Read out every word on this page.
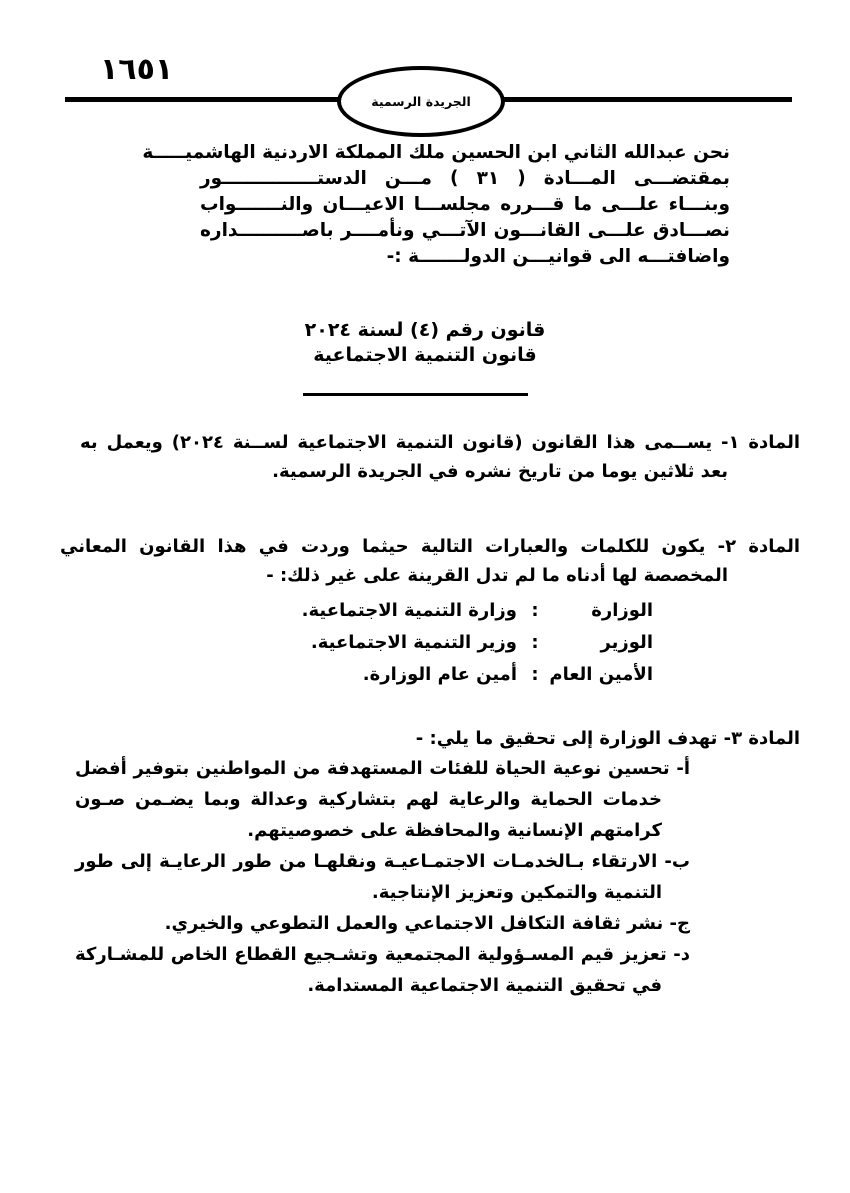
١٦٥١
الجريدة الرسمية
نحن عبدالله الثاني ابن الحسين ملك المملكة الاردنية الهاشميـــــة
بمقتضـــى المـــادة ( ٣١ ) مـــن الدستـــــــــــــــور
وبنـــاء علـــى ما قـــرره مجلســـا الاعيـــان والنـــــــواب
نصـــادق علـــى القانـــون الآتـــي ونأمــــر باصــــــــــداره
واضافتـــه الى قوانيـــن الدولـــــــة :-
قانون رقم (٤) لسنة ٢٠٢٤
قانون التنمية الاجتماعية
المادة ١- يســمى هذا القانون (قانون التنمية الاجتماعية لســنة ٢٠٢٤) ويعمل به
بعد ثلاثين يوما من تاريخ نشره في الجريدة الرسمية.
المادة ٢- يكون للكلمات والعبارات التالية حيثما وردت في هذا القانون المعاني
المخصصة لها أدناه ما لم تدل القرينة على غير ذلك: -
الوزارة
:
وزارة التنمية الاجتماعية.
الوزير
:
وزير التنمية الاجتماعية.
الأمين العام
:
أمين عام الوزارة.
المادة ٣- تهدف الوزارة إلى تحقيق ما يلي: -
أ- تحسين نوعية الحياة للفئات المستهدفة من المواطنين بتوفير أفضل
خدمات الحماية والرعاية لهم بتشاركية وعدالة وبما يضـمن صـون
كرامتهم الإنسانية والمحافظة على خصوصيتهم.
ب- الارتقاء بـالخدمـات الاجتمـاعيـة ونقلهـا من طور الرعايـة إلى طور
التنمية والتمكين وتعزيز الإنتاجية.
ج- نشر ثقافة التكافل الاجتماعي والعمل التطوعي والخيري.
د- تعزيز قيم المسـؤولية المجتمعية وتشـجيع القطاع الخاص للمشـاركة
في تحقيق التنمية الاجتماعية المستدامة.
